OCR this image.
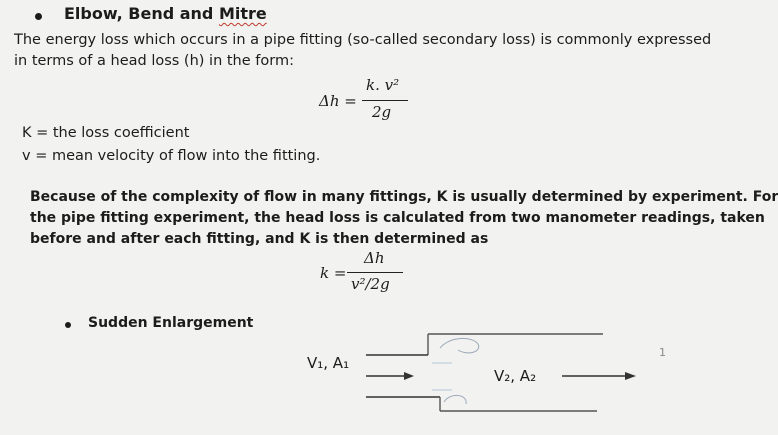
Elbow, Bend and Mitre
The energy loss which occurs in a pipe fitting (so-called secondary loss) is commonly expressed
in terms of a head loss (h) in the form:
Δh =
k. v²
2g
K = the loss coefficient
v = mean velocity of flow into the fitting.
Because of the complexity of flow in many fittings, K is usually determined by experiment. For
the pipe fitting experiment, the head loss is calculated from two manometer readings, taken
before and after each fitting, and K is then determined as
k =
Δh
v²/2g
Sudden Enlargement
V₁, A₁
V₂, A₂
1
